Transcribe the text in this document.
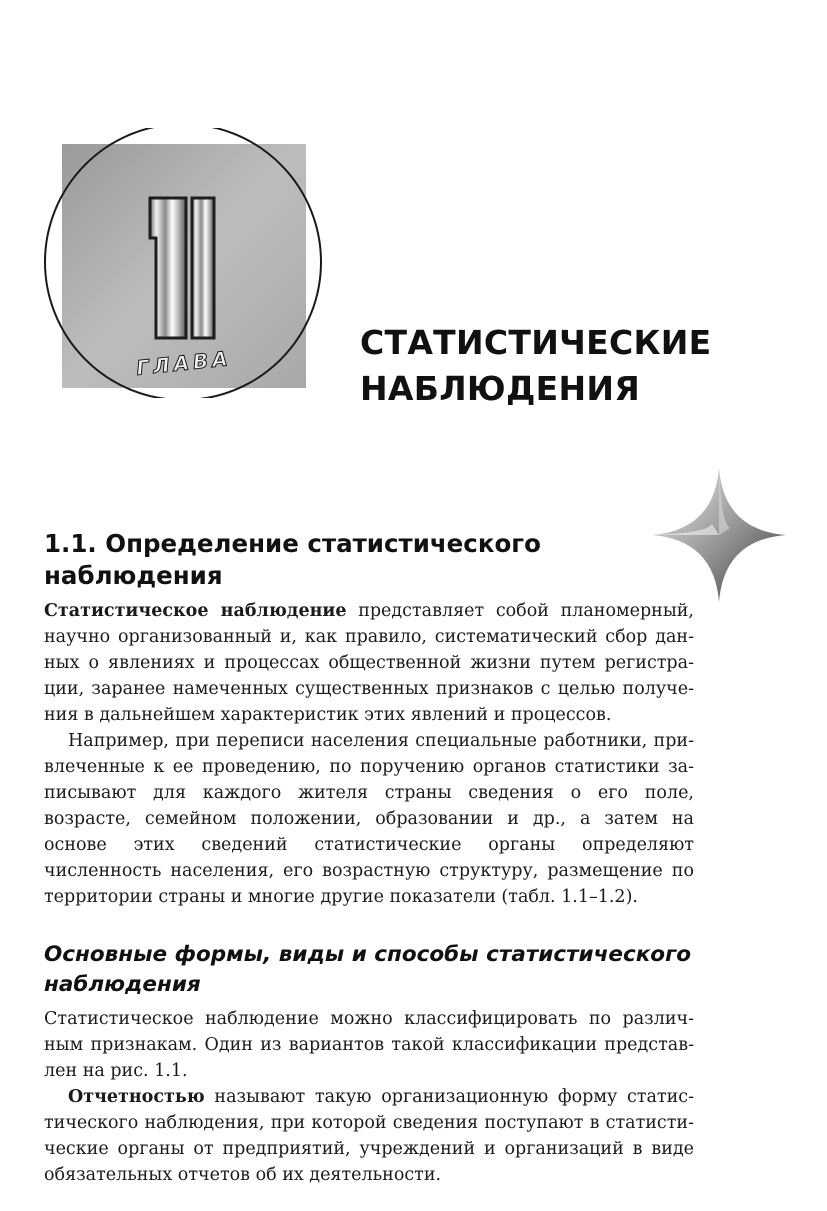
ГЛАВА
СТАТИСТИЧЕСКИЕ
НАБЛЮДЕНИЯ
1.1. Определение статистического
наблюдения

Статистическое наблюдение представляет собой планомерный, научно организованный и, как правило, систематический сбор данных о явлениях и процессах общественной жизни путем регистрации, заранее намеченных существенных признаков с целью получения в дальнейшем характеристик этих явлений и процессов.

Например, при переписи населения специальные работники, привлеченные к ее проведению, по поручению органов статистики записывают для каждого жителя страны сведения о его поле, возрасте, семейном положении, образовании и др., а затем на основе этих сведений статистические органы определяют численность населения, его возрастную структуру, размещение по территории страны и многие другие показатели (табл. 1.1–1.2).

Основные формы, виды и способы статистического
наблюдения

Статистическое наблюдение можно классифицировать по различным признакам. Один из вариантов такой классификации представлен на рис. 1.1.

Отчетностью называют такую организационную форму статистического наблюдения, при которой сведения поступают в статистические органы от предприятий, учреждений и организаций в виде обязательных отчетов об их деятельности.
